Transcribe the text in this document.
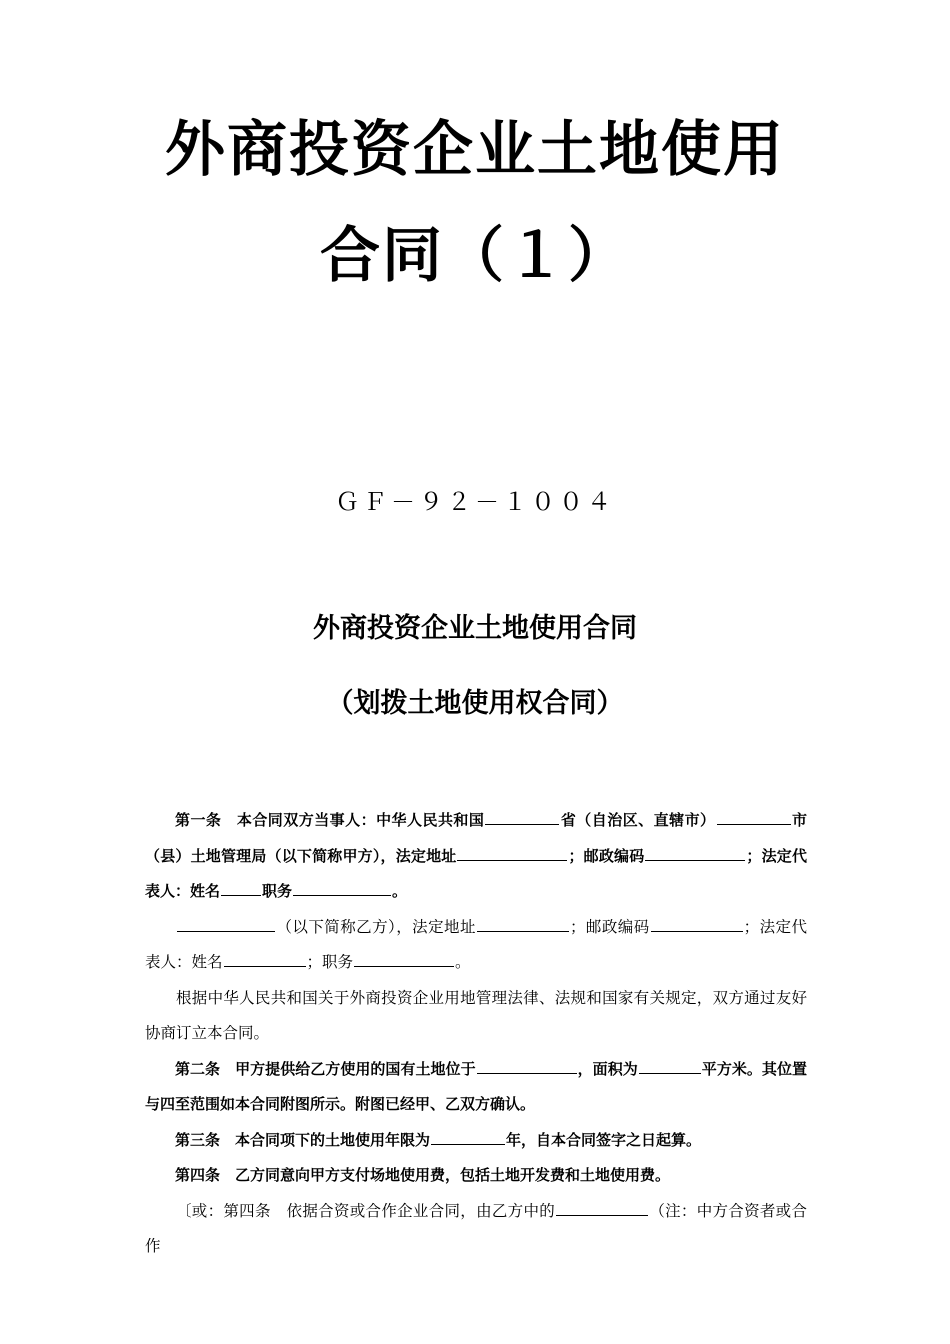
外商投资企业土地使用
合同（１）
ＧＦ－９２－１００４
外商投资企业土地使用合同
（划拨土地使用权合同）

第一条　本合同双方当事人：中华人民共和国	省（自治区、直辖市）	市（县）土地管理局（以下简称甲方），法定地址	；邮政编码	；法定代表人：姓名	职务	。

（以下简称乙方），法定地址	；邮政编码	；法定代表人：姓名	；职务	。

根据中华人民共和国关于外商投资企业用地管理法律、法规和国家有关规定，双方通过友好协商订立本合同。

第二条　甲方提供给乙方使用的国有土地位于	，面积为	平方米。其位置与四至范围如本合同附图所示。附图已经甲、乙双方确认。

第三条　本合同项下的土地使用年限为	年，自本合同签字之日起算。

第四条　乙方同意向甲方支付场地使用费，包括土地开发费和土地使用费。

〔或：第四条　依据合资或合作企业合同，由乙方中的	（注：中方合资者或合作
